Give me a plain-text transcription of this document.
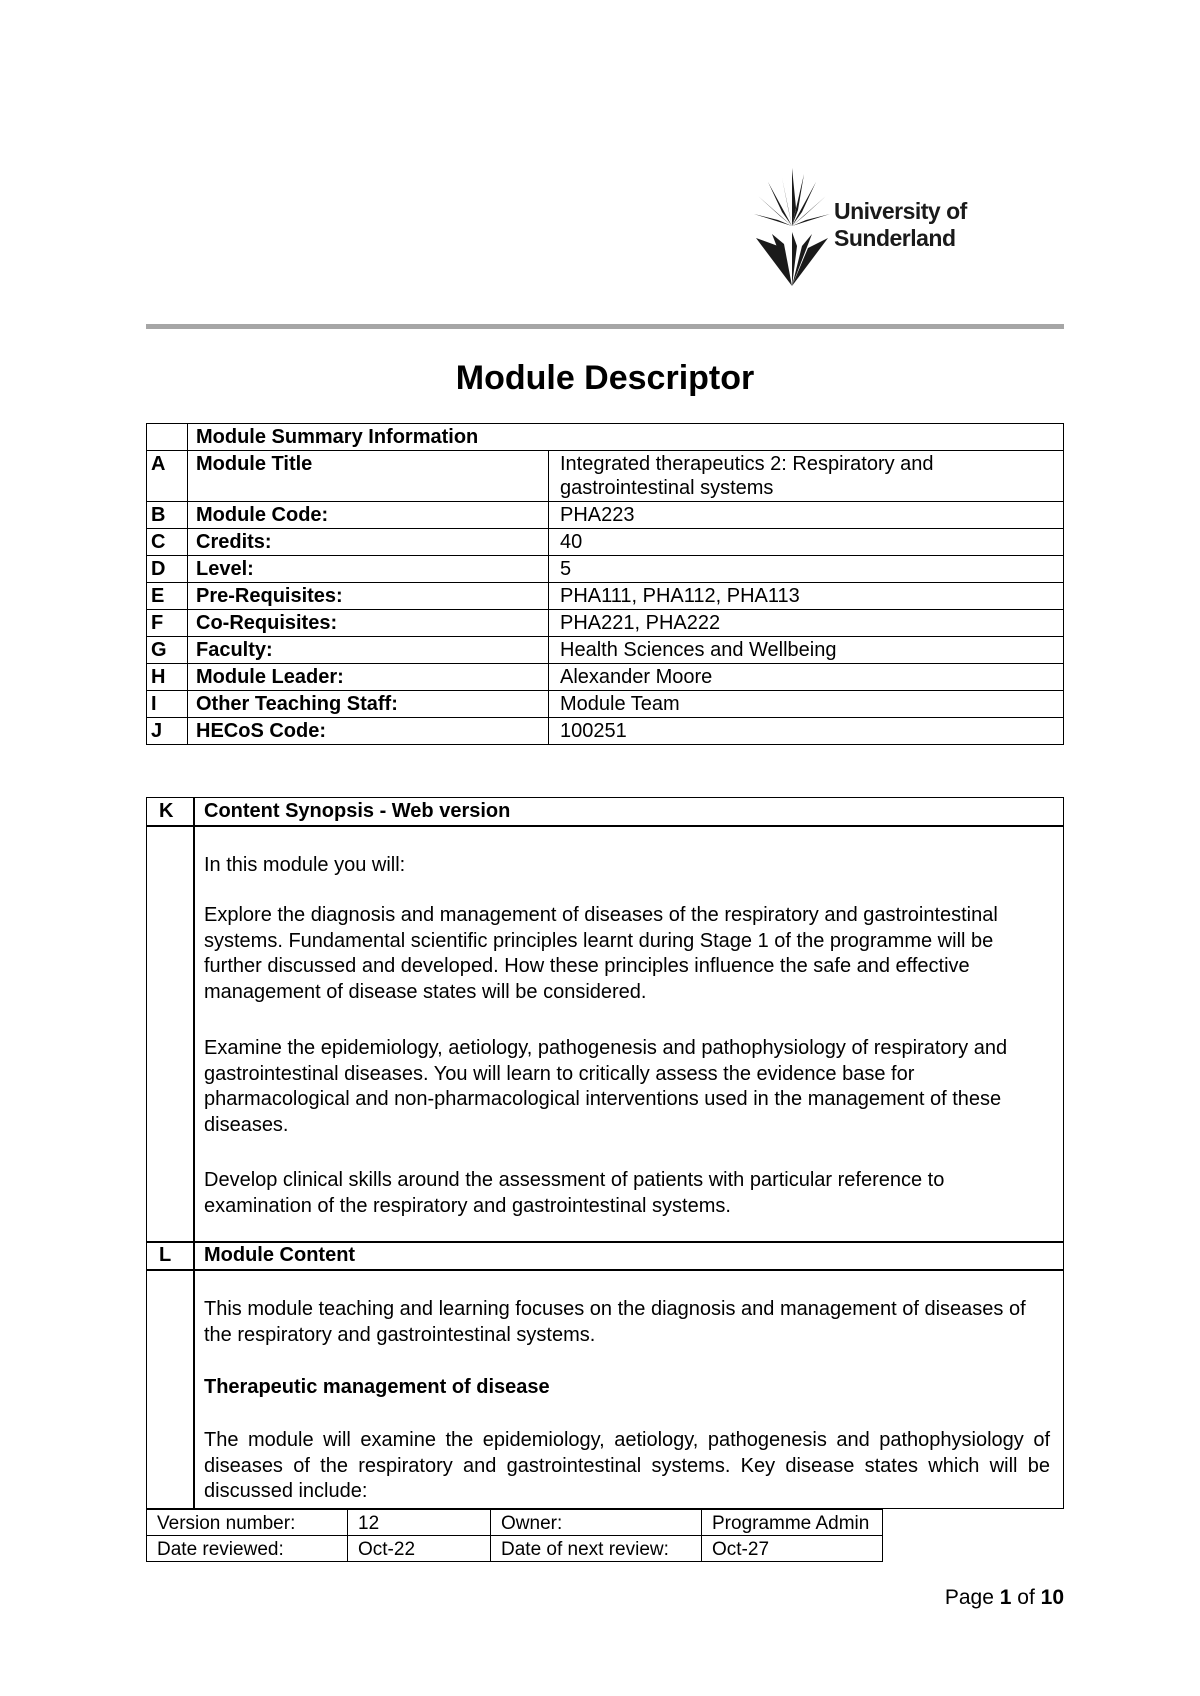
University of
Sunderland
Module Descriptor
	Module Summary Information	
A	Module Title	Integrated therapeutics 2: Respiratory and gastrointestinal systems
B	Module Code:	PHA223
C	Credits:	40
D	Level:	5
E	Pre-Requisites:	PHA111, PHA112, PHA113
F	Co-Requisites:	PHA221, PHA222
G	Faculty:	Health Sciences and Wellbeing
H	Module Leader:	Alexander Moore
I	Other Teaching Staff:	Module Team
J	HECoS Code:	100251
K Content Synopsis - Web version
In this module you will:
Explore the diagnosis and management of diseases of the respiratory and gastrointestinal systems. Fundamental scientific principles learnt during Stage 1 of the programme will be further discussed and developed. How these principles influence the safe and effective management of disease states will be considered.
Examine the epidemiology, aetiology, pathogenesis and pathophysiology of respiratory and gastrointestinal diseases. You will learn to critically assess the evidence base for pharmacological and non-pharmacological interventions used in the management of these diseases.
Develop clinical skills around the assessment of patients with particular reference to examination of the respiratory and gastrointestinal systems.
L Module Content
This module teaching and learning focuses on the diagnosis and management of diseases of the respiratory and gastrointestinal systems.
Therapeutic management of disease
The module will examine the epidemiology, aetiology, pathogenesis and pathophysiology of diseases of the respiratory and gastrointestinal systems. Key disease states which will be discussed include:
Version number:	12	Owner:	Programme Admin
Date reviewed:	Oct-22	Date of next review:	Oct-27
Page 1 of 10
